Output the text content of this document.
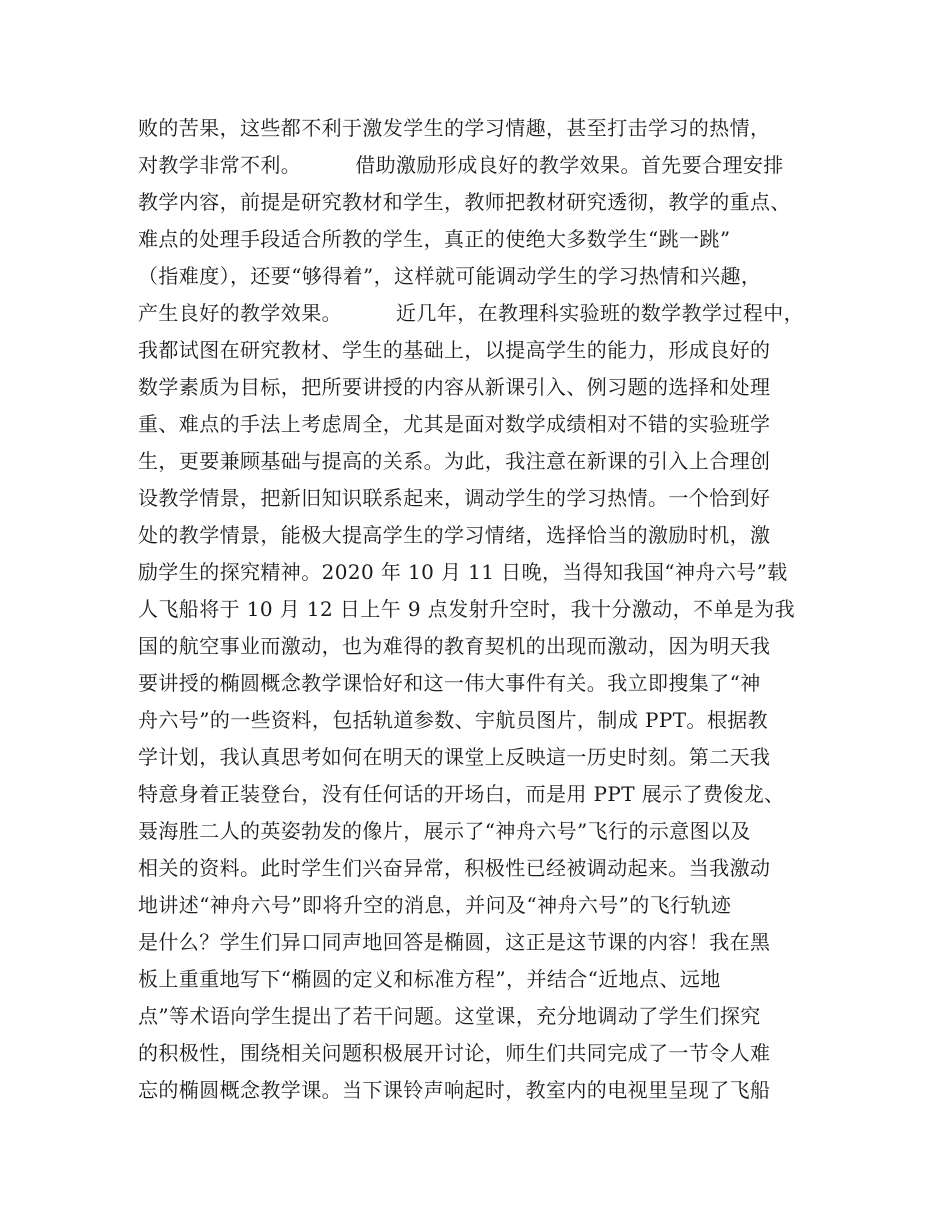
败的苦果，这些都不利于激发学生的学习情趣，甚至打击学习的热情，
对教学非常不利。        借助激励形成良好的教学效果。首先要合理安排
教学内容，前提是研究教材和学生，教师把教材研究透彻，教学的重点、
难点的处理手段适合所教的学生，真正的使绝大多数学生“跳一跳”
（指难度），还要“够得着”，这样就可能调动学生的学习热情和兴趣，
产生良好的教学效果。        近几年，在教理科实验班的数学教学过程中，
我都试图在研究教材、学生的基础上，以提高学生的能力，形成良好的
数学素质为目标，把所要讲授的内容从新课引入、例习题的选择和处理
重、难点的手法上考虑周全，尤其是面对数学成绩相对不错的实验班学
生，更要兼顾基础与提高的关系。为此，我注意在新课的引入上合理创
设教学情景，把新旧知识联系起来，调动学生的学习热情。一个恰到好
处的教学情景，能极大提高学生的学习情绪，选择恰当的激励时机，激
励学生的探究精神。2020 年 10 月 11 日晚，当得知我国“神舟六号”载
人飞船将于 10 月 12 日上午 9 点发射升空时，我十分激动，不单是为我
国的航空事业而激动，也为难得的教育契机的出现而激动，因为明天我
要讲授的椭圆概念教学课恰好和这一伟大事件有关。我立即搜集了“神
舟六号”的一些资料，包括轨道参数、宇航员图片，制成 PPT。根据教
学计划，我认真思考如何在明天的课堂上反映這一历史时刻。第二天我
特意身着正装登台，没有任何话的开场白，而是用 PPT 展示了费俊龙、
聂海胜二人的英姿勃发的像片，展示了“神舟六号”飞行的示意图以及
相关的资料。此时学生们兴奋异常，积极性已经被调动起来。当我激动
地讲述“神舟六号”即将升空的消息，并问及“神舟六号”的飞行轨迹
是什么？学生们异口同声地回答是椭圆，这正是这节课的内容！我在黑
板上重重地写下“椭圆的定义和标准方程”，并结合“近地点、远地
点”等术语向学生提出了若干问题。这堂课，充分地调动了学生们探究
的积极性，围绕相关问题积极展开讨论，师生们共同完成了一节令人难
忘的椭圆概念教学课。当下课铃声响起时，教室内的电视里呈现了飞船
